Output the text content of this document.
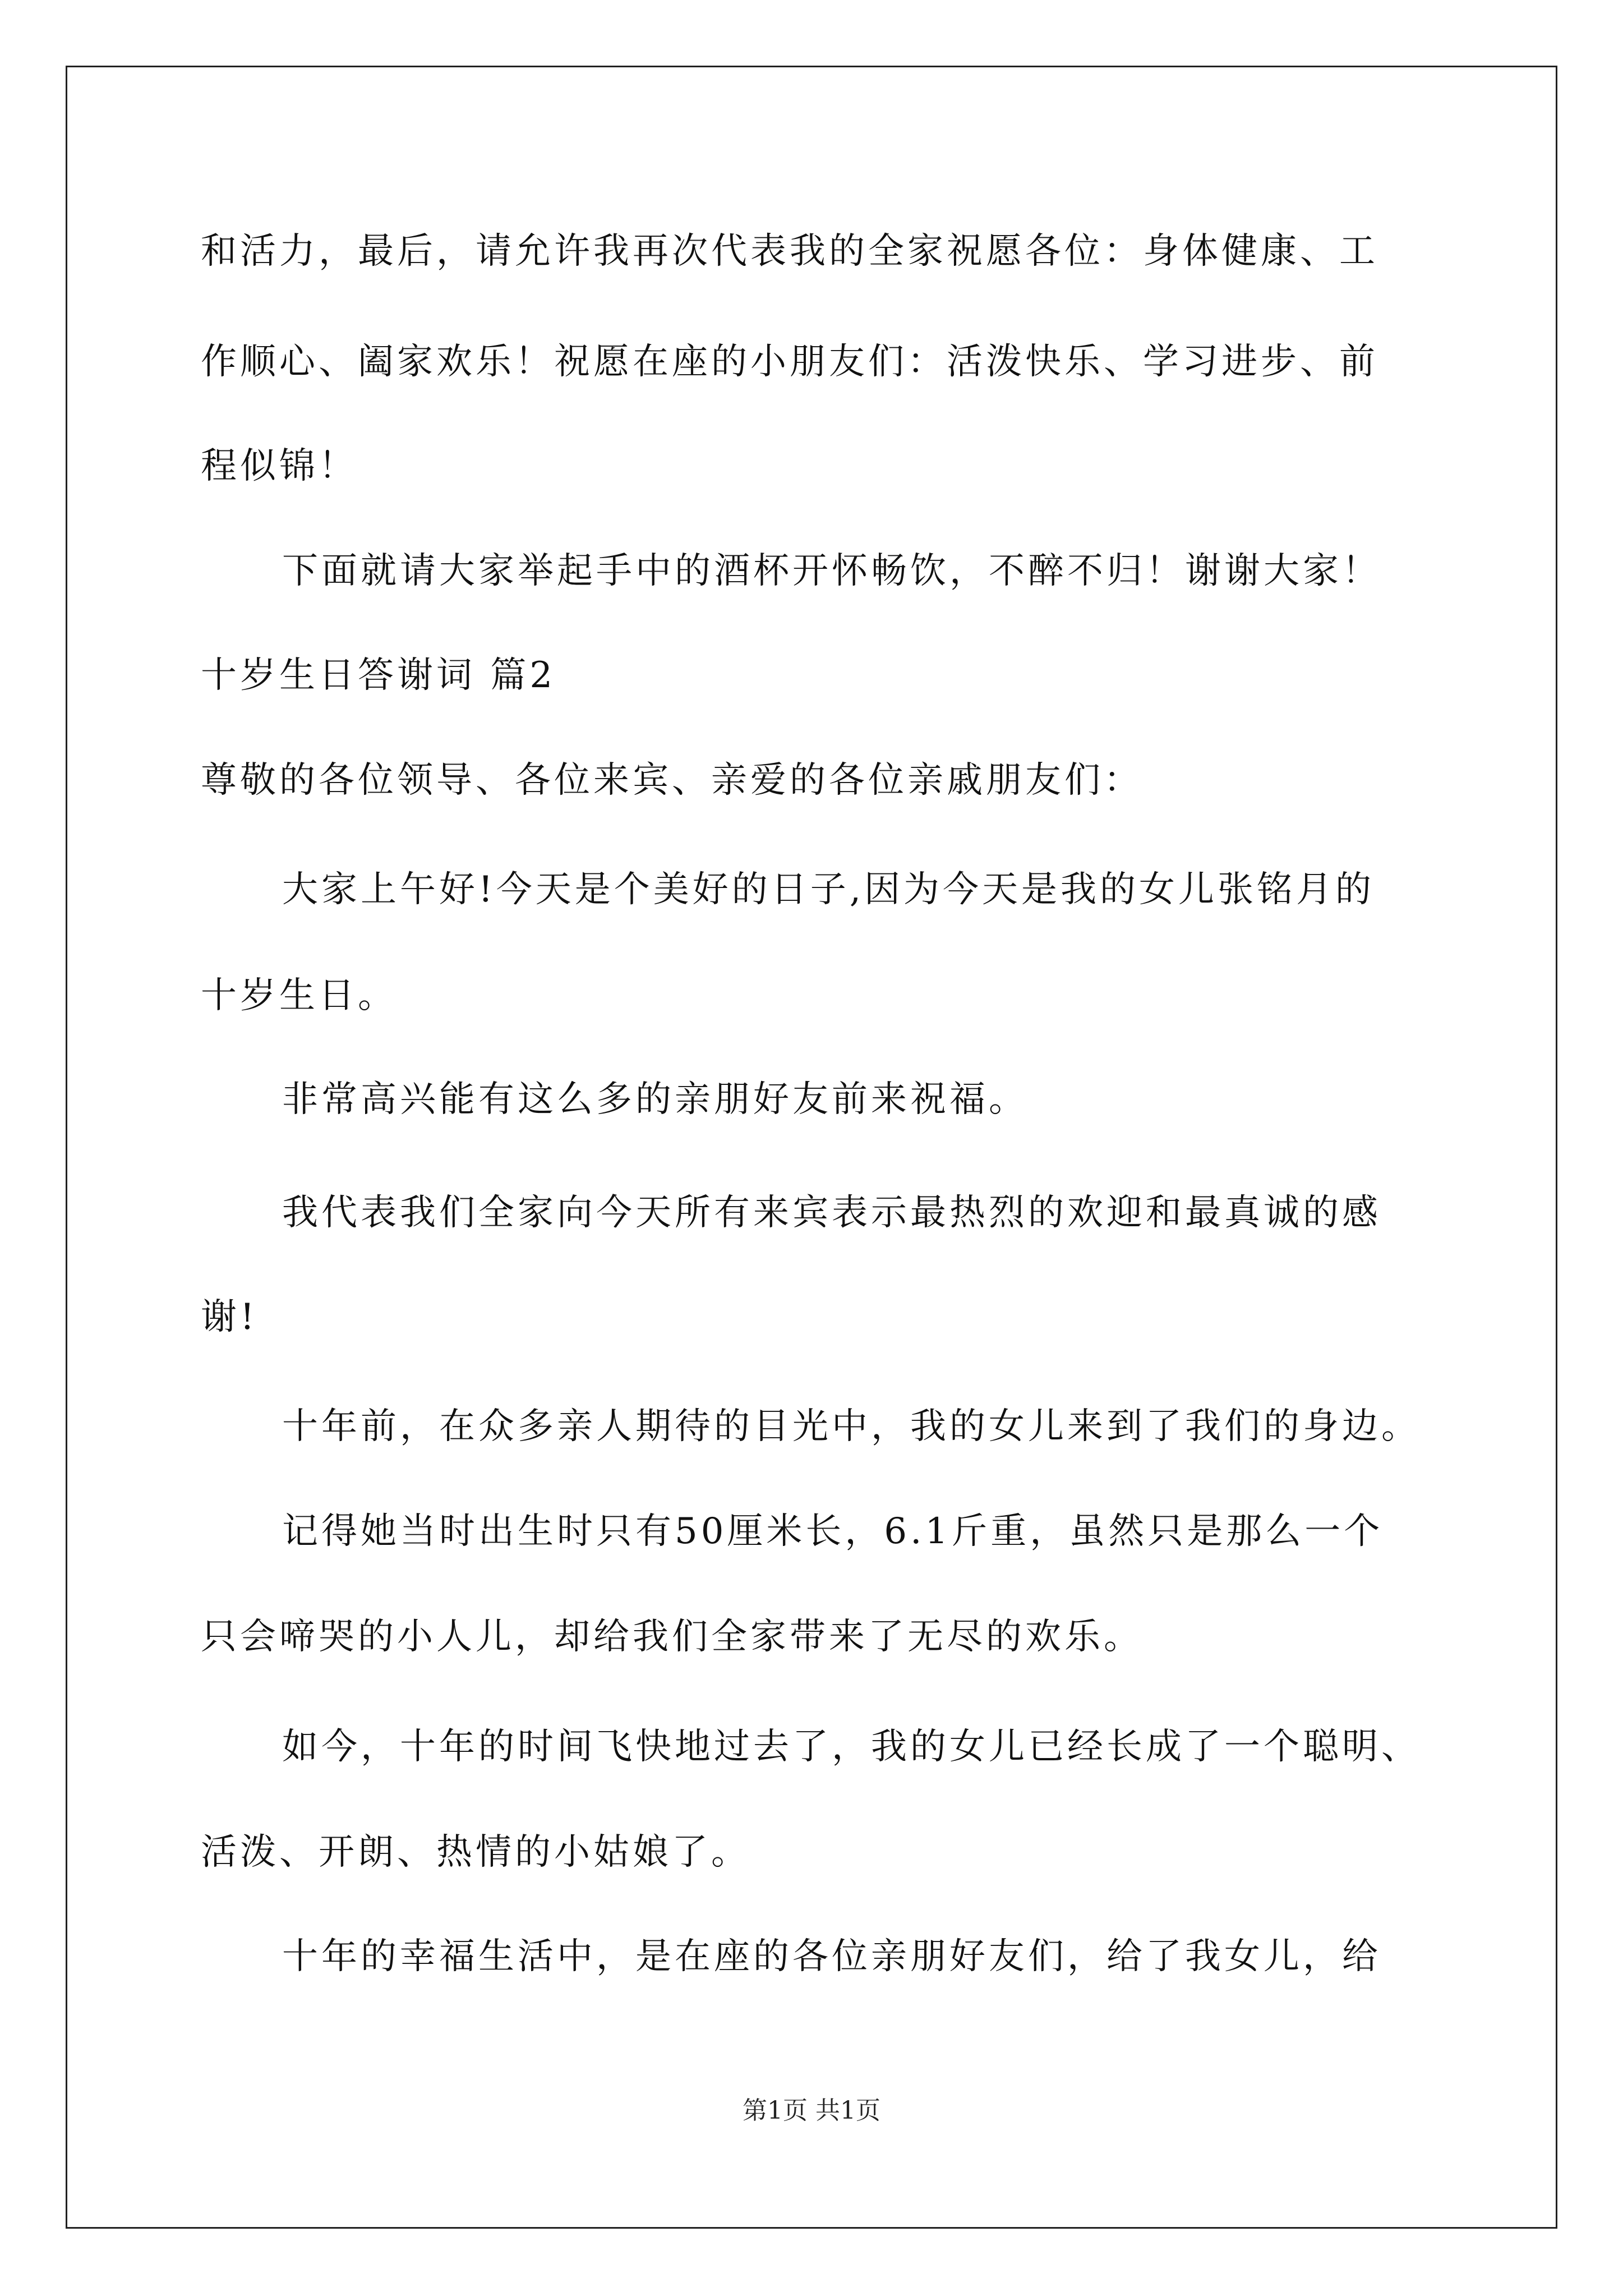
和活力，最后，请允许我再次代表我的全家祝愿各位：身体健康、工
作顺心、阖家欢乐！祝愿在座的小朋友们：活泼快乐、学习进步、前
程似锦！
下面就请大家举起手中的酒杯开怀畅饮，不醉不归！谢谢大家！
十岁生日答谢词 篇2
尊敬的各位领导、各位来宾、亲爱的各位亲戚朋友们：
大家上午好!今天是个美好的日子,因为今天是我的女儿张铭月的
十岁生日。
非常高兴能有这么多的亲朋好友前来祝福。
我代表我们全家向今天所有来宾表示最热烈的欢迎和最真诚的感
谢!
十年前，在众多亲人期待的目光中，我的女儿来到了我们的身边。
记得她当时出生时只有50厘米长，6.1斤重，虽然只是那么一个
只会啼哭的小人儿，却给我们全家带来了无尽的欢乐。
如今，十年的时间飞快地过去了，我的女儿已经长成了一个聪明、
活泼、开朗、热情的小姑娘了。
十年的幸福生活中，是在座的各位亲朋好友们，给了我女儿，给
第1页 共1页
